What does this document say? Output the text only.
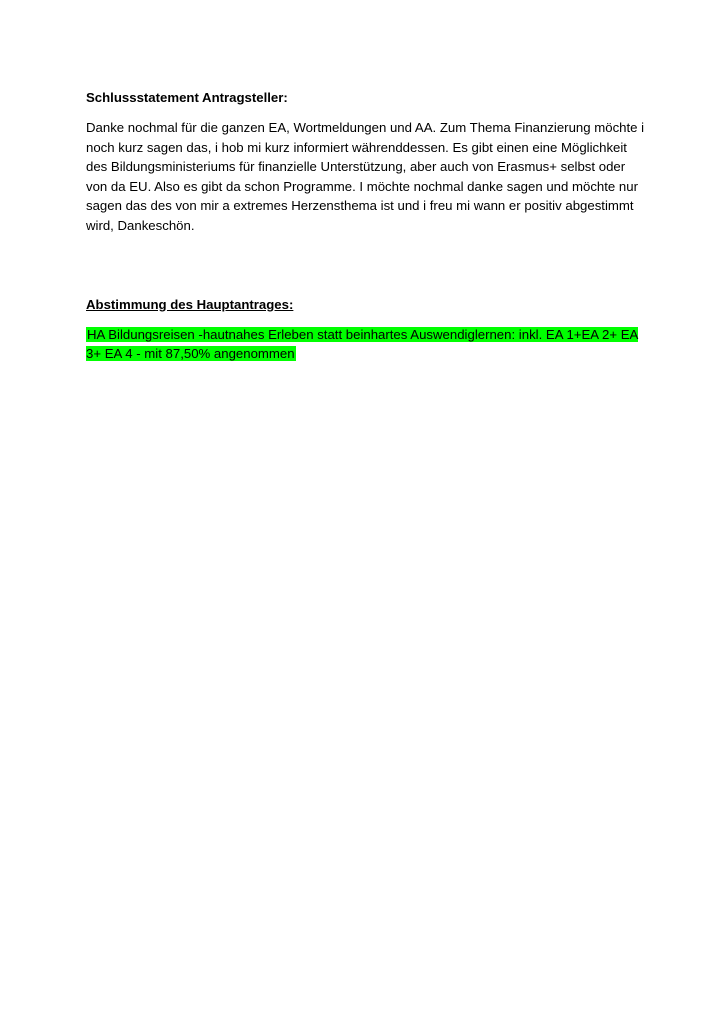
Schlussstatement Antragsteller:

Danke nochmal für die ganzen EA, Wortmeldungen und AA. Zum Thema Finanzierung möchte i noch kurz sagen das, i hob mi kurz informiert währenddessen. Es gibt einen eine Möglichkeit des Bildungsministeriums für finanzielle Unterstützung, aber auch von Erasmus+ selbst oder von da EU. Also es gibt da schon Programme. I möchte nochmal danke sagen und möchte nur sagen das des von mir a extremes Herzensthema ist und i freu mi wann er positiv abgestimmt wird, Dankeschön.

Abstimmung des Hauptantrages:

HA Bildungsreisen -hautnahes Erleben statt beinhartes Auswendiglernen: inkl. EA 1+EA 2+ EA 3+ EA 4 - mit 87,50% angenommen
